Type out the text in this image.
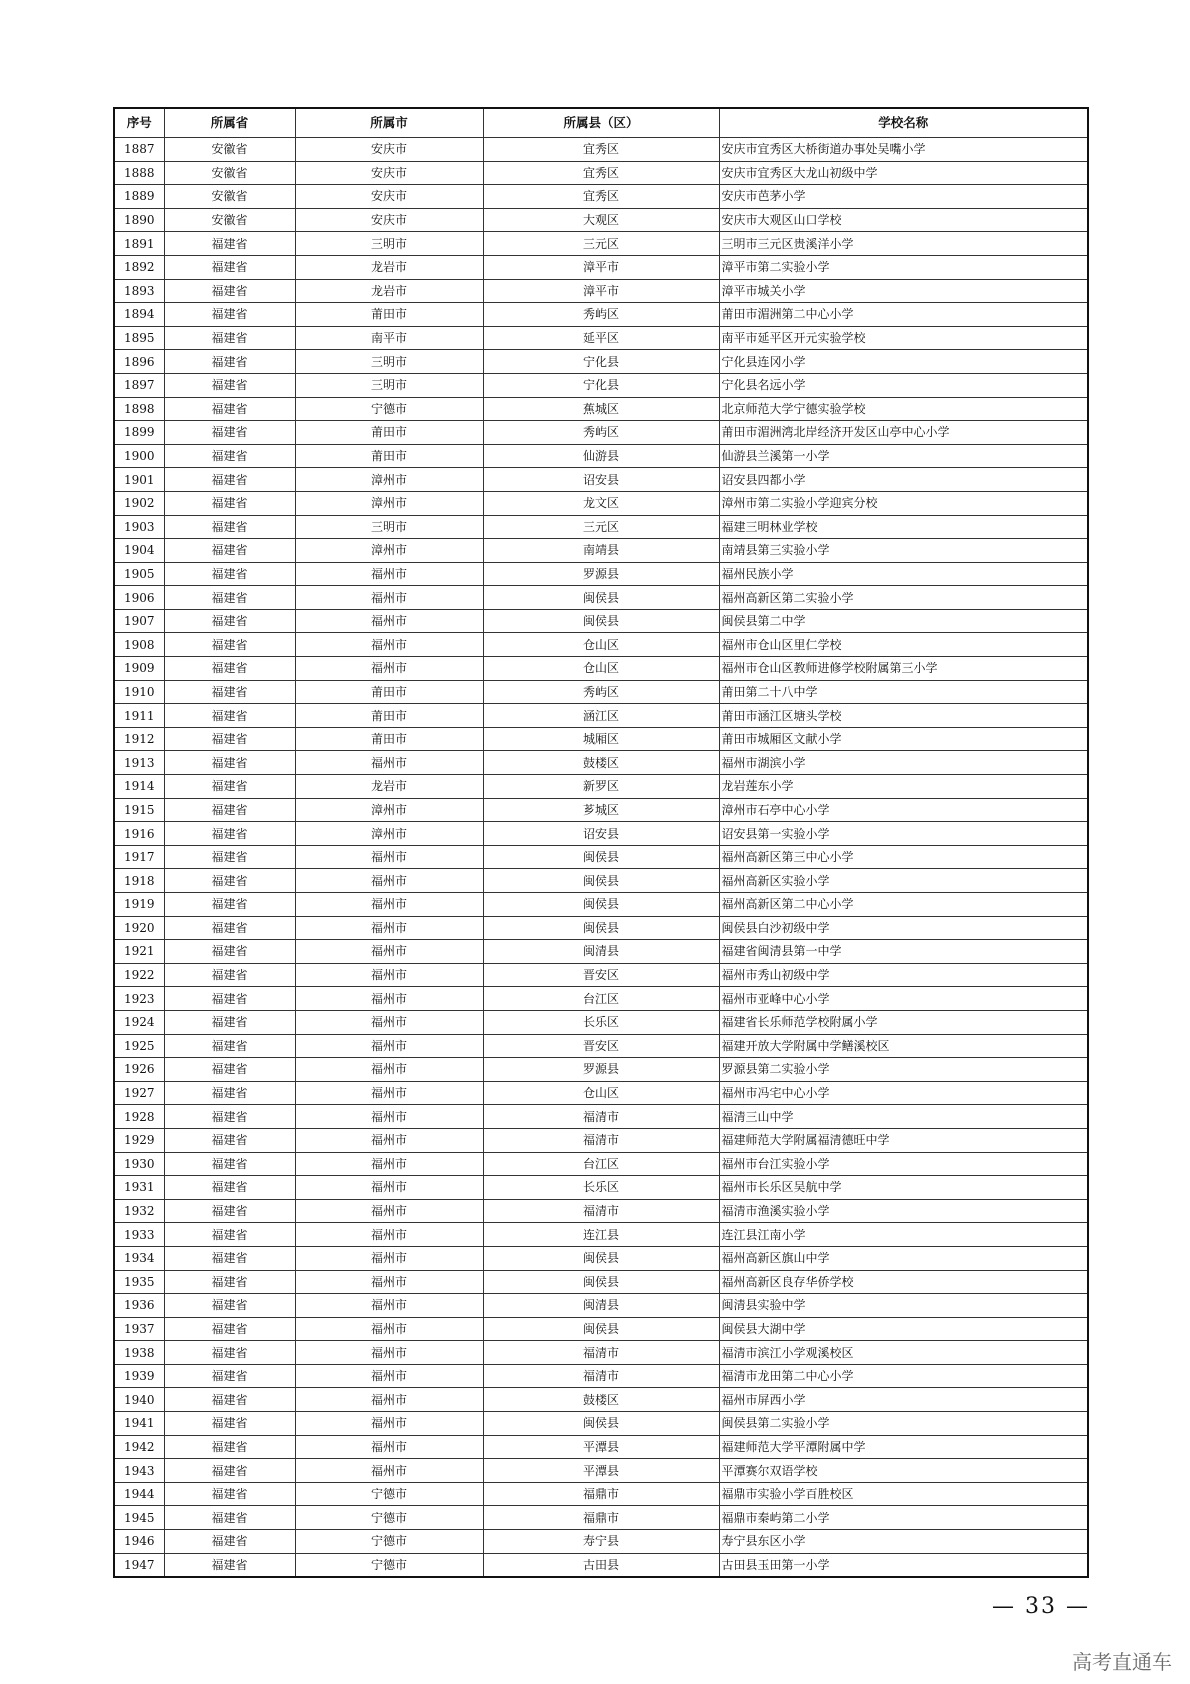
序号	所属省	所属市	所属县（区）	学校名称
1887	安徽省	安庆市	宜秀区	安庆市宜秀区大桥街道办事处吴嘴小学
1888	安徽省	安庆市	宜秀区	安庆市宜秀区大龙山初级中学
1889	安徽省	安庆市	宜秀区	安庆市芭茅小学
1890	安徽省	安庆市	大观区	安庆市大观区山口学校
1891	福建省	三明市	三元区	三明市三元区贵溪洋小学
1892	福建省	龙岩市	漳平市	漳平市第二实验小学
1893	福建省	龙岩市	漳平市	漳平市城关小学
1894	福建省	莆田市	秀屿区	莆田市湄洲第二中心小学
1895	福建省	南平市	延平区	南平市延平区开元实验学校
1896	福建省	三明市	宁化县	宁化县连冈小学
1897	福建省	三明市	宁化县	宁化县名远小学
1898	福建省	宁德市	蕉城区	北京师范大学宁德实验学校
1899	福建省	莆田市	秀屿区	莆田市湄洲湾北岸经济开发区山亭中心小学
1900	福建省	莆田市	仙游县	仙游县兰溪第一小学
1901	福建省	漳州市	诏安县	诏安县四都小学
1902	福建省	漳州市	龙文区	漳州市第二实验小学迎宾分校
1903	福建省	三明市	三元区	福建三明林业学校
1904	福建省	漳州市	南靖县	南靖县第三实验小学
1905	福建省	福州市	罗源县	福州民族小学
1906	福建省	福州市	闽侯县	福州高新区第二实验小学
1907	福建省	福州市	闽侯县	闽侯县第二中学
1908	福建省	福州市	仓山区	福州市仓山区里仁学校
1909	福建省	福州市	仓山区	福州市仓山区教师进修学校附属第三小学
1910	福建省	莆田市	秀屿区	莆田第二十八中学
1911	福建省	莆田市	涵江区	莆田市涵江区塘头学校
1912	福建省	莆田市	城厢区	莆田市城厢区文献小学
1913	福建省	福州市	鼓楼区	福州市湖滨小学
1914	福建省	龙岩市	新罗区	龙岩莲东小学
1915	福建省	漳州市	芗城区	漳州市石亭中心小学
1916	福建省	漳州市	诏安县	诏安县第一实验小学
1917	福建省	福州市	闽侯县	福州高新区第三中心小学
1918	福建省	福州市	闽侯县	福州高新区实验小学
1919	福建省	福州市	闽侯县	福州高新区第二中心小学
1920	福建省	福州市	闽侯县	闽侯县白沙初级中学
1921	福建省	福州市	闽清县	福建省闽清县第一中学
1922	福建省	福州市	晋安区	福州市秀山初级中学
1923	福建省	福州市	台江区	福州市亚峰中心小学
1924	福建省	福州市	长乐区	福建省长乐师范学校附属小学
1925	福建省	福州市	晋安区	福建开放大学附属中学鳝溪校区
1926	福建省	福州市	罗源县	罗源县第二实验小学
1927	福建省	福州市	仓山区	福州市冯宅中心小学
1928	福建省	福州市	福清市	福清三山中学
1929	福建省	福州市	福清市	福建师范大学附属福清德旺中学
1930	福建省	福州市	台江区	福州市台江实验小学
1931	福建省	福州市	长乐区	福州市长乐区吴航中学
1932	福建省	福州市	福清市	福清市渔溪实验小学
1933	福建省	福州市	连江县	连江县江南小学
1934	福建省	福州市	闽侯县	福州高新区旗山中学
1935	福建省	福州市	闽侯县	福州高新区良存华侨学校
1936	福建省	福州市	闽清县	闽清县实验中学
1937	福建省	福州市	闽侯县	闽侯县大湖中学
1938	福建省	福州市	福清市	福清市滨江小学观溪校区
1939	福建省	福州市	福清市	福清市龙田第二中心小学
1940	福建省	福州市	鼓楼区	福州市屏西小学
1941	福建省	福州市	闽侯县	闽侯县第二实验小学
1942	福建省	福州市	平潭县	福建师范大学平潭附属中学
1943	福建省	福州市	平潭县	平潭赛尔双语学校
1944	福建省	宁德市	福鼎市	福鼎市实验小学百胜校区
1945	福建省	宁德市	福鼎市	福鼎市秦屿第二小学
1946	福建省	宁德市	寿宁县	寿宁县东区小学
1947	福建省	宁德市	古田县	古田县玉田第一小学
— 33 —
高考直通车
